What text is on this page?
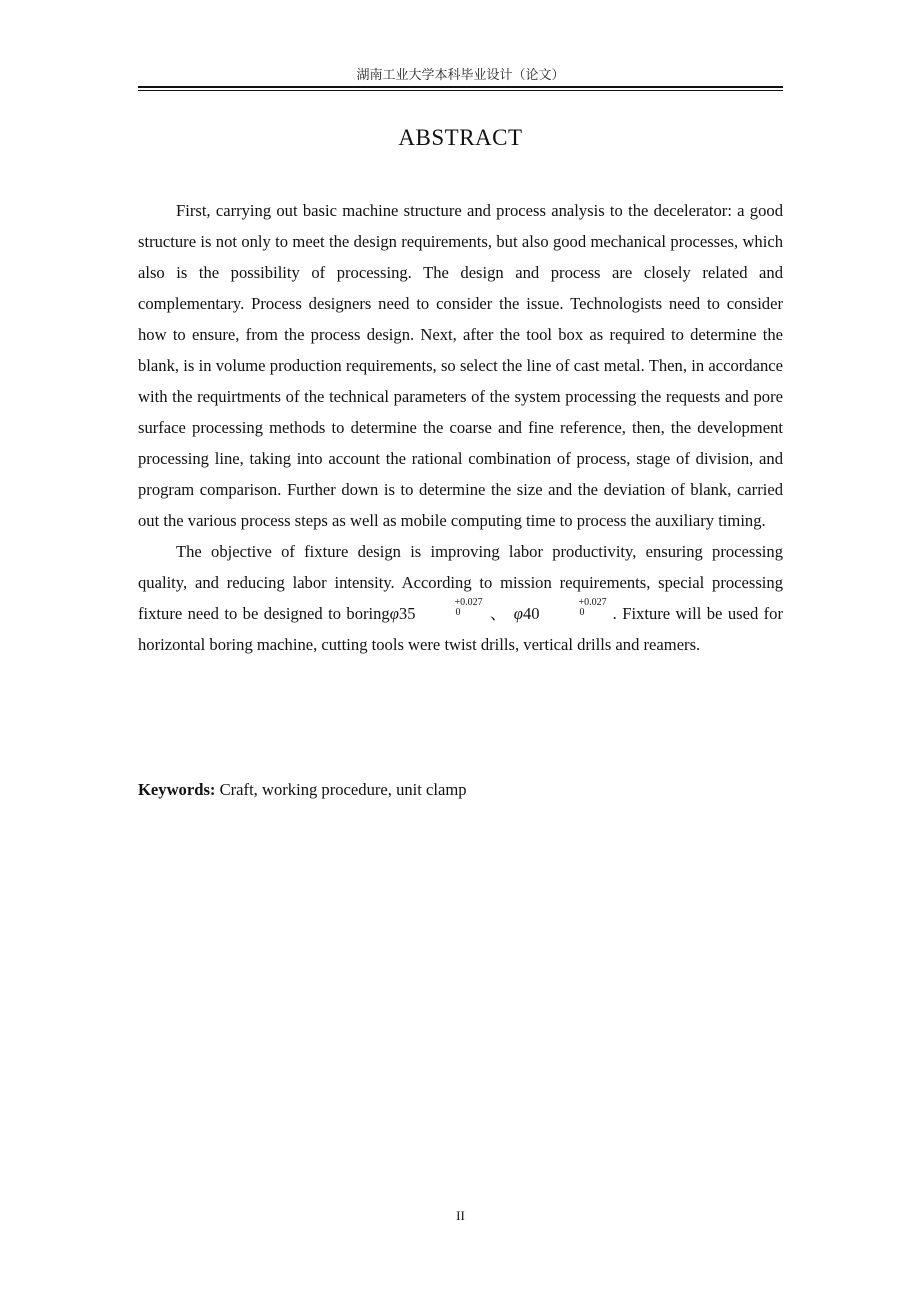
湖南工业大学本科毕业设计（论文）
ABSTRACT

First, carrying out basic machine structure and process analysis to the decelerator: a good structure is not only to meet the design requirements, but also good mechanical processes, which also is the possibility of processing. The design and process are closely related and complementary. Process designers need to consider the issue. Technologists need to consider how to ensure, from the process design. Next, after the tool box as required to determine the blank, is in volume production requirements, so select the line of cast metal. Then, in accordance with the requirtments of the technical parameters of the system processing the requests and pore surface processing methods to determine the coarse and fine reference, then, the development processing line, taking into account the rational combination of process, stage of division, and program comparison. Further down is to determine the size and the deviation of blank, carried out the various process steps as well as mobile computing time to process the auxiliary timing.

The objective of fixture design is improving labor productivity, ensuring processing quality, and reducing labor intensity. According to mission requirements, special processing fixture need to be designed to boringφ35
+0.027
0	、 φ40
+0.027
0	. Fixture will be used for horizontal boring machine, cutting tools were twist drills, vertical drills and reamers.

Keywords: Craft, working procedure, unit clamp
II
